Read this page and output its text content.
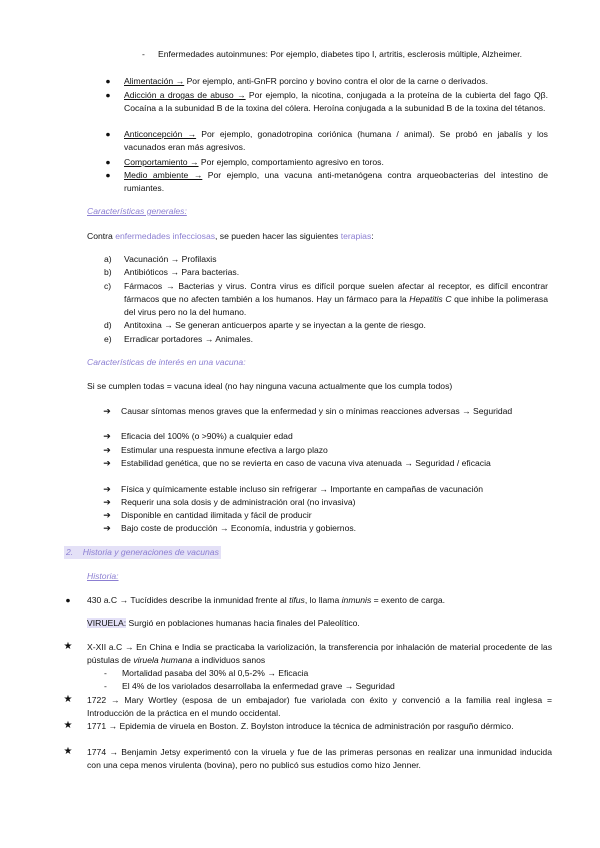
- Enfermedades autoinmunes: Por ejemplo, diabetes tipo I, artritis, esclerosis múltiple, Alzheimer.
● Alimentación → Por ejemplo, anti-GnFR porcino y bovino contra el olor de la carne o derivados.
● Adicción a drogas de abuso → Por ejemplo, la nicotina, conjugada a la proteína de la cubierta del fago Qβ. Cocaína a la subunidad B de la toxina del cólera. Heroína conjugada a la subunidad B de la toxina del tétanos.
● Anticoncepción → Por ejemplo, gonadotropina coriónica (humana / animal). Se probó en jabalís y los vacunados eran más agresivos.
● Comportamiento → Por ejemplo, comportamiento agresivo en toros.
● Medio ambiente → Por ejemplo, una vacuna anti-metanógena contra arqueobacterias del intestino de rumiantes.
Características generales:
Contra enfermedades infecciosas, se pueden hacer las siguientes terapias:
a) Vacunación → Profilaxis
b) Antibióticos → Para bacterias.
c) Fármacos → Bacterias y virus. Contra virus es difícil porque suelen afectar al receptor, es difícil encontrar fármacos que no afecten también a los humanos. Hay un fármaco para la Hepatitis C que inhibe la polimerasa del virus pero no la del humano.
d) Antitoxina → Se generan anticuerpos aparte y se inyectan a la gente de riesgo.
e) Erradicar portadores → Animales.
Características de interés en una vacuna:
Si se cumplen todas = vacuna ideal (no hay ninguna vacuna actualmente que los cumpla todos)
➔ Causar síntomas menos graves que la enfermedad y sin o mínimas reacciones adversas → Seguridad
➔ Eficacia del 100% (o >90%) a cualquier edad
➔ Estimular una respuesta inmune efectiva a largo plazo
➔ Estabilidad genética, que no se revierta en caso de vacuna viva atenuada → Seguridad / eficacia
➔ Física y químicamente estable incluso sin refrigerar → Importante en campañas de vacunación
➔ Requerir una sola dosis y de administración oral (no invasiva)
➔ Disponible en cantidad ilimitada y fácil de producir
➔ Bajo coste de producción → Economía, industria y gobiernos.
2. Historia y generaciones de vacunas
Historia:
● 430 a.C → Tucídides describe la inmunidad frente al tifus, lo llama inmunis = exento de carga.
VIRUELA: Surgió en poblaciones humanas hacia finales del Paleolítico.
★ X-XII a.C → En China e India se practicaba la variolización, la transferencia por inhalación de material procedente de las pústulas de viruela humana a individuos sanos
- Mortalidad pasaba del 30% al 0,5-2% → Eficacia
- El 4% de los variolados desarrollaba la enfermedad grave → Seguridad
★ 1722 → Mary Wortley (esposa de un embajador) fue variolada con éxito y convenció a la familia real inglesa = Introducción de la práctica en el mundo occidental.
★ 1771 → Epidemia de viruela en Boston. Z. Boylston introduce la técnica de administración por rasguño dérmico.
★ 1774 → Benjamin Jetsy experimentó con la viruela y fue de las primeras personas en realizar una inmunidad inducida con una cepa menos virulenta (bovina), pero no publicó sus estudios como hizo Jenner.
